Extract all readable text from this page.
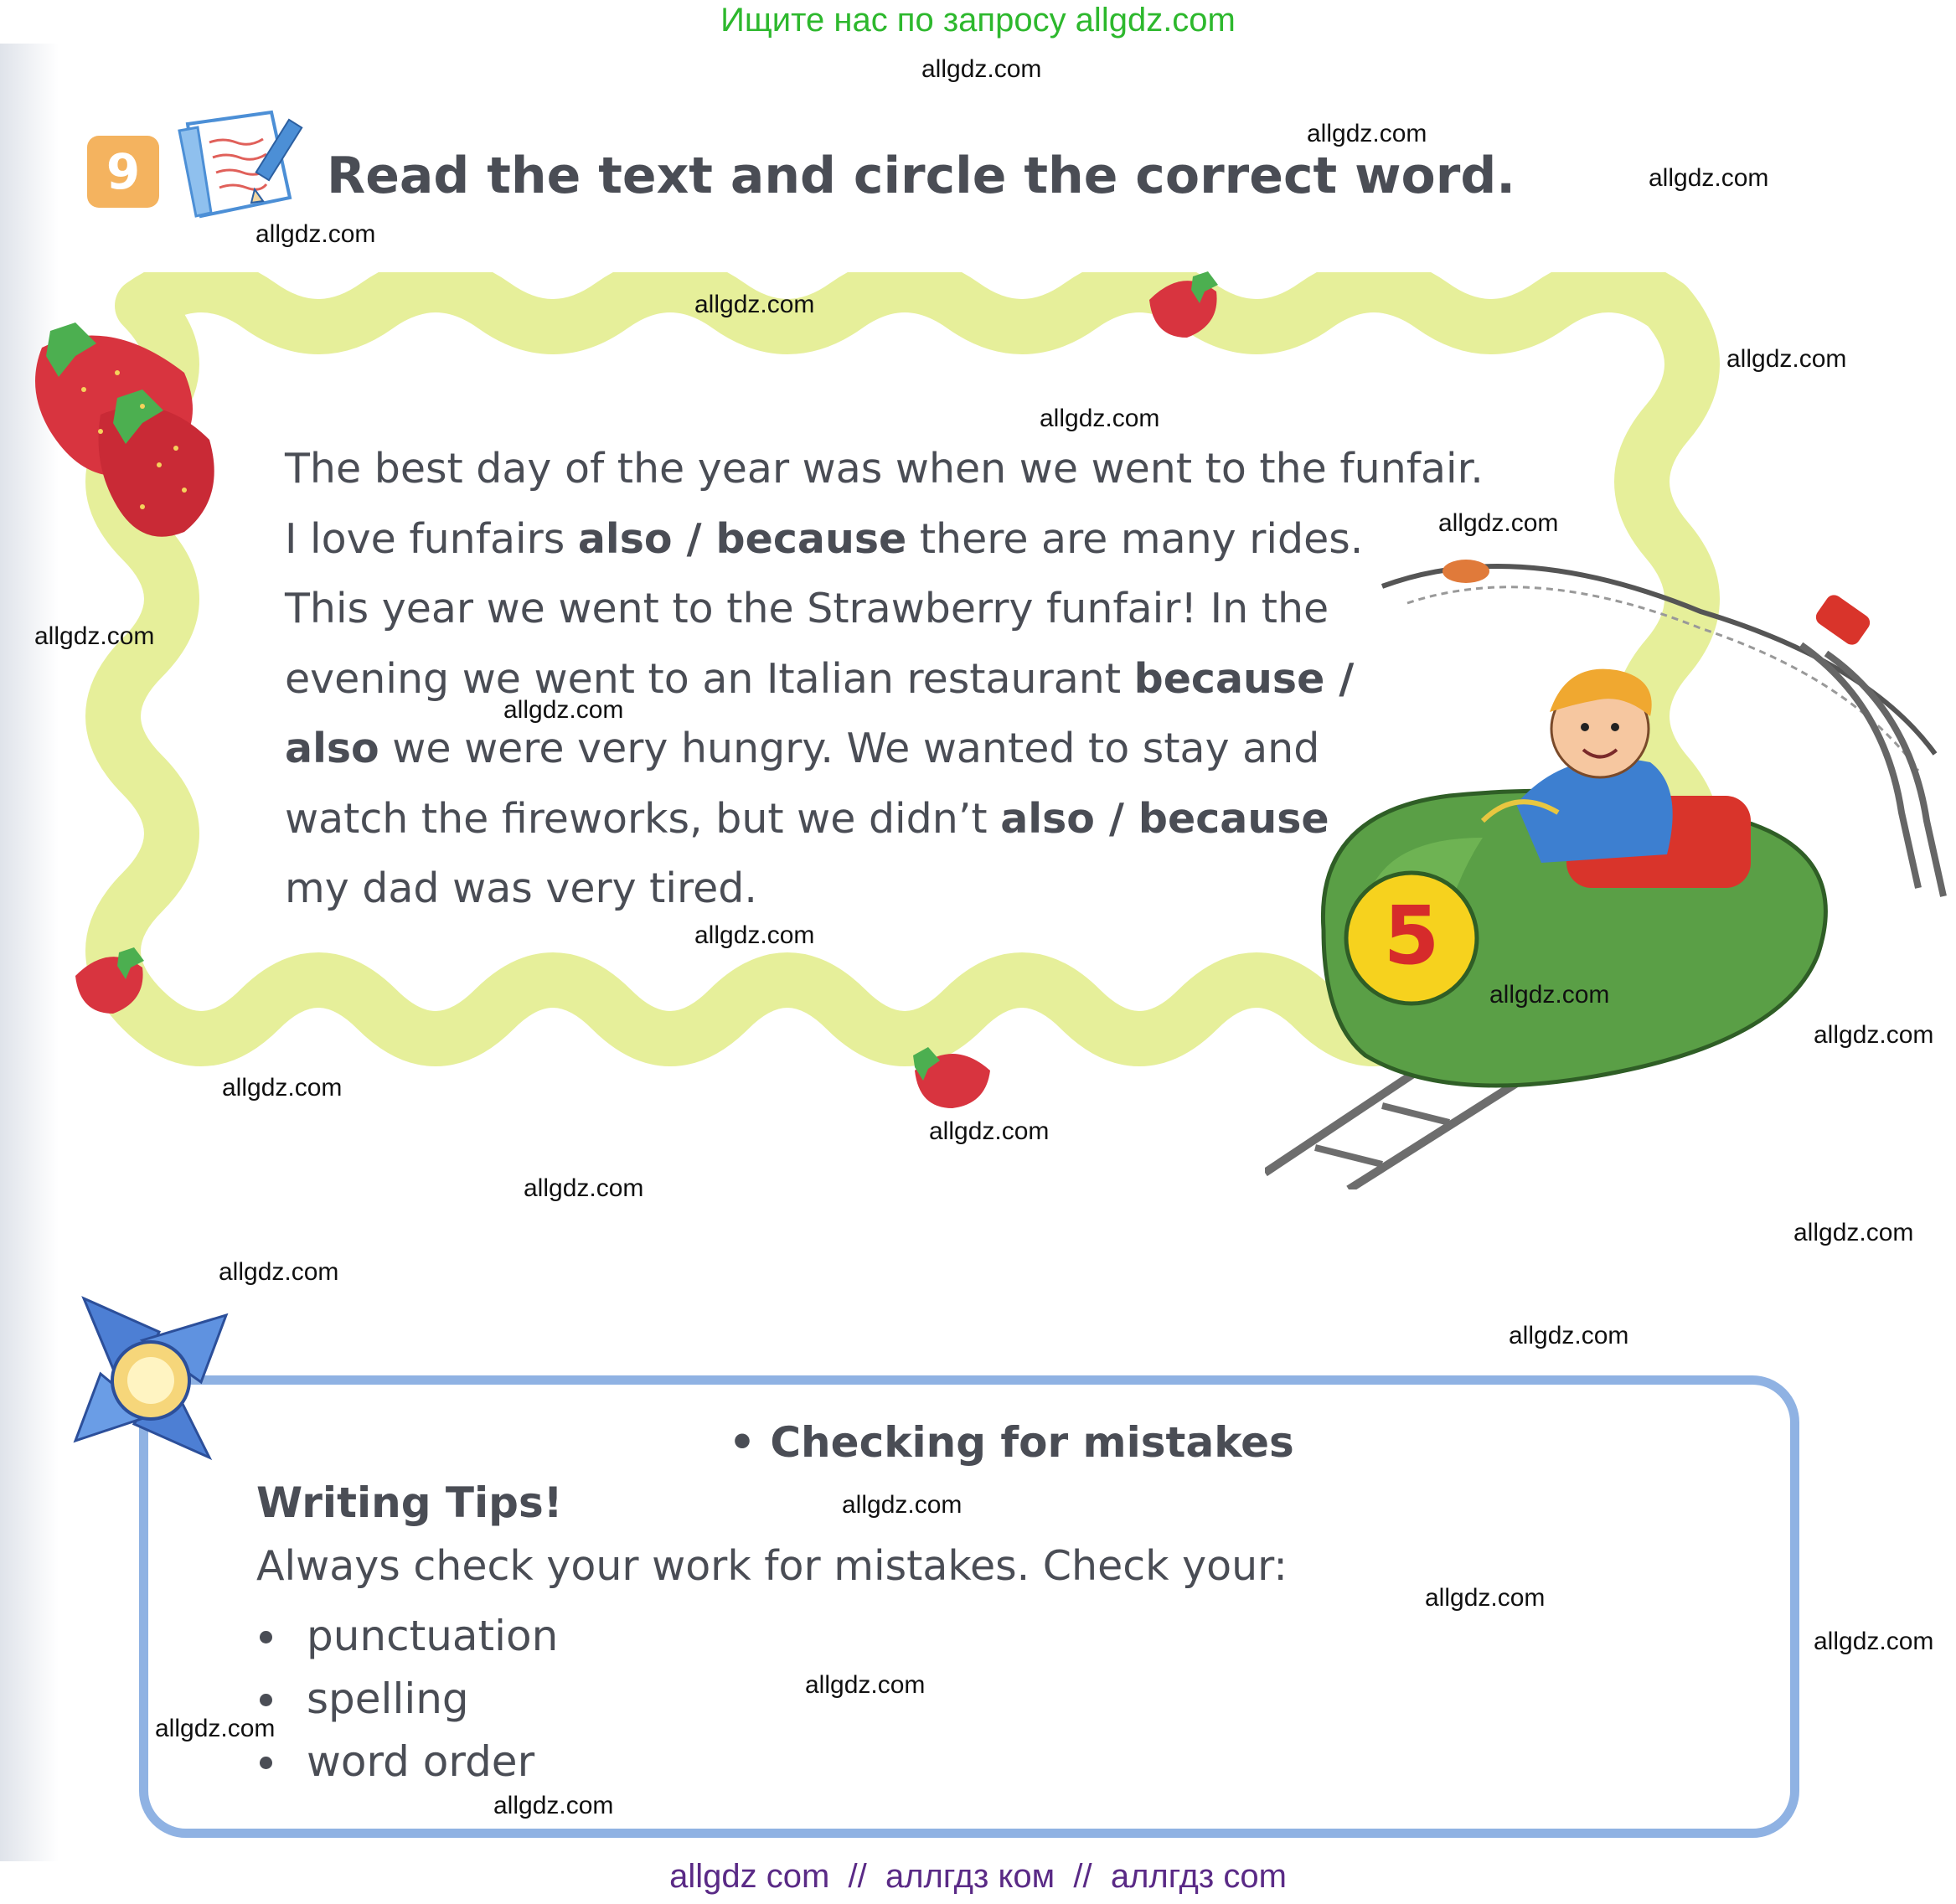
Ищите нас по запросу allgdz.com
9	Read the text and circle the correct word.
The best day of the year was when we went to the funfair.
I love funfairs also / because there are many rides.
This year we went to the Strawberry funfair! In the
evening we went to an Italian restaurant because /
also we were very hungry. We wanted to stay and
watch the fireworks, but we didn’t also / because
my dad was very tired.
5
• Checking for mistakes
Writing Tips!
Always check your work for mistakes. Check your:
punctuation
spelling
word order
allgdz.com
allgdz.com
allgdz.com
allgdz.com
allgdz.com
allgdz.com
allgdz.com
allgdz.com
allgdz.com
allgdz.com
allgdz.com
allgdz.com
allgdz.com
allgdz.com
allgdz.com
allgdz.com
allgdz.com
allgdz.com
allgdz.com
allgdz.com
allgdz.com
allgdz.com
allgdz.com
allgdz.com
allgdz.com
allgdz com  //  аллгдз ком  //  аллгдз com
